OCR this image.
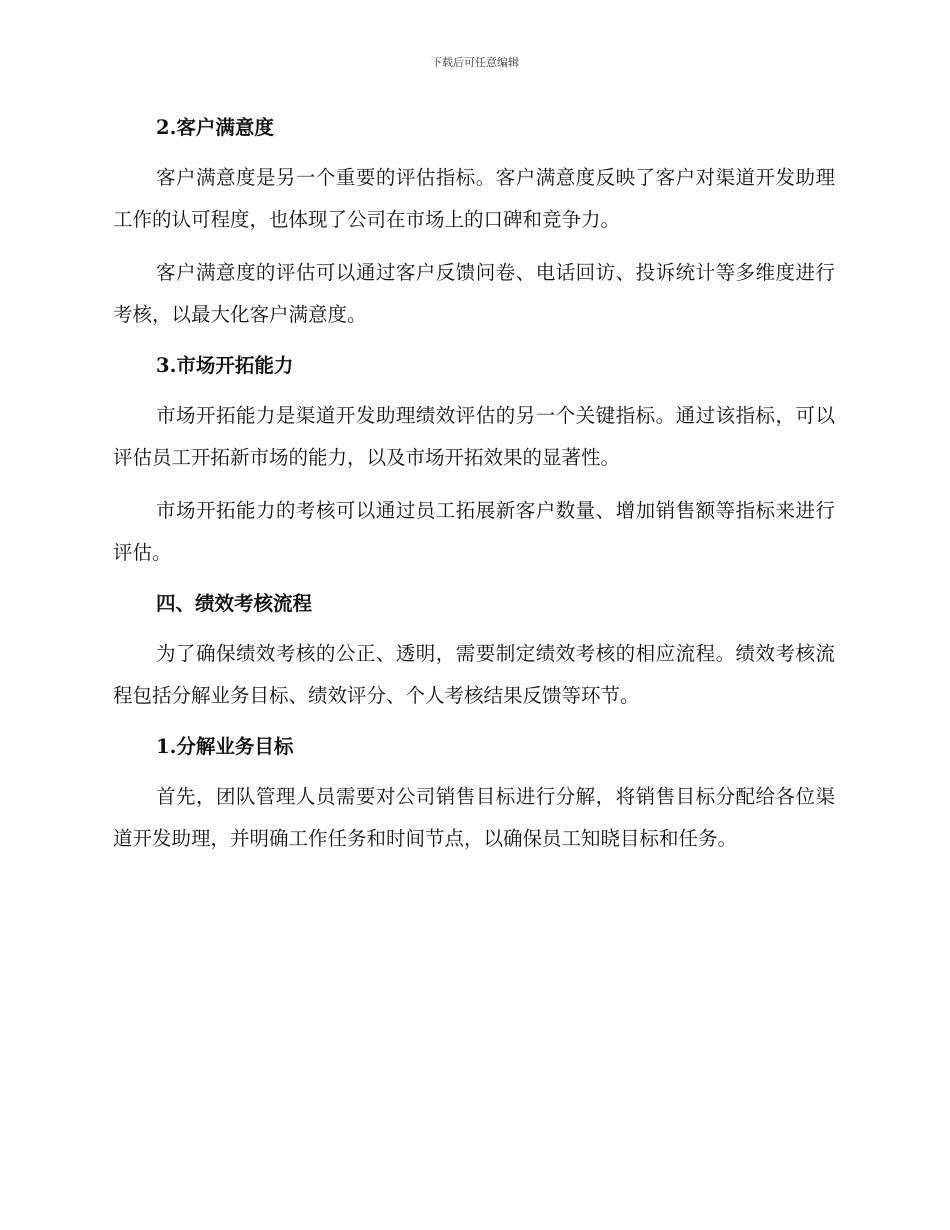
下载后可任意编辑
2.客户满意度

客户满意度是另一个重要的评估指标。客户满意度反映了客户对渠道开发助理工作的认可程度，也体现了公司在市场上的口碑和竞争力。

客户满意度的评估可以通过客户反馈问卷、电话回访、投诉统计等多维度进行考核，以最大化客户满意度。

3.市场开拓能力

市场开拓能力是渠道开发助理绩效评估的另一个关键指标。通过该指标，可以评估员工开拓新市场的能力，以及市场开拓效果的显著性。

市场开拓能力的考核可以通过员工拓展新客户数量、增加销售额等指标来进行评估。

四、绩效考核流程

为了确保绩效考核的公正、透明，需要制定绩效考核的相应流程。绩效考核流程包括分解业务目标、绩效评分、个人考核结果反馈等环节。

1.分解业务目标

首先，团队管理人员需要对公司销售目标进行分解，将销售目标分配给各位渠道开发助理，并明确工作任务和时间节点，以确保员工知晓目标和任务。
